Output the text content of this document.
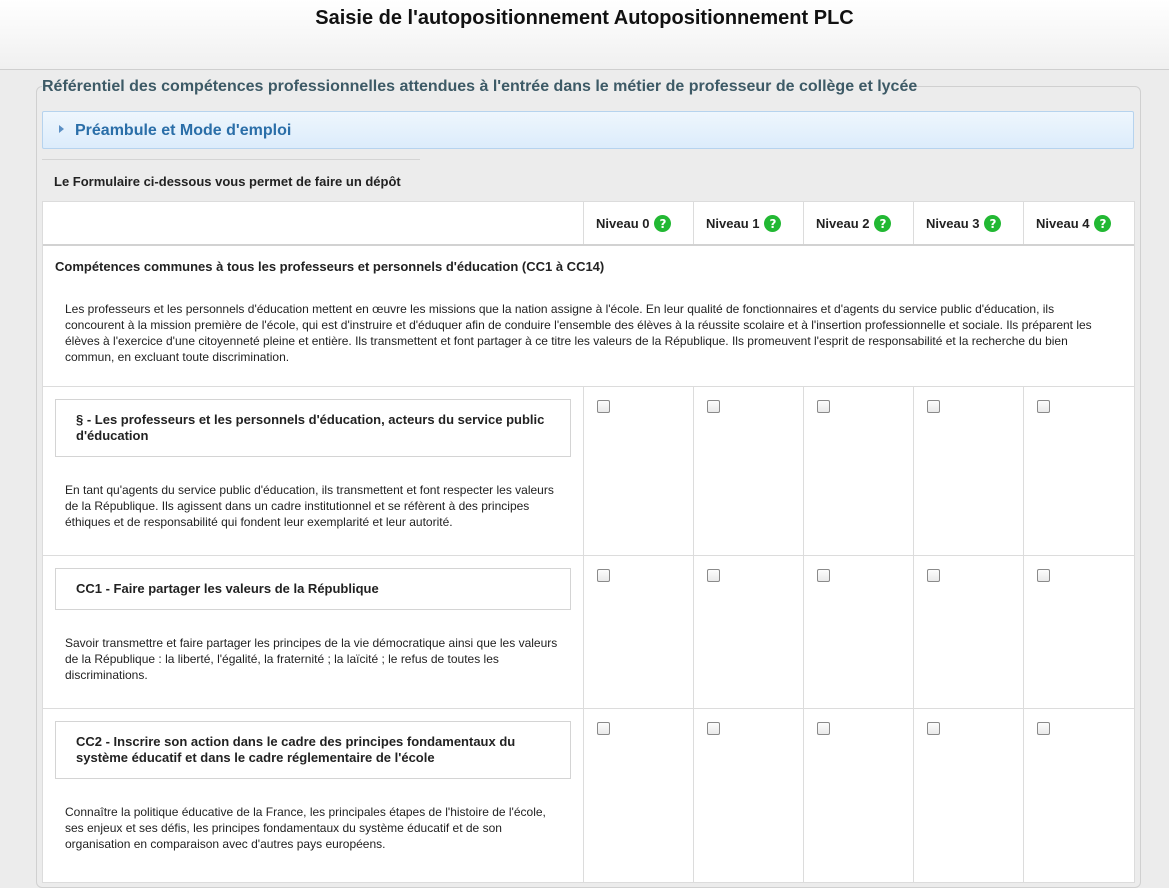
Saisie de l'autopositionnement Autopositionnement PLC
Référentiel des compétences professionnelles attendues à l'entrée dans le métier de professeur de collège et lycée
Préambule et Mode d'emploi
Le Formulaire ci-dessous vous permet de faire un dépôt
Niveau 0 ?	Niveau 1 ?	Niveau 2 ?	Niveau 3 ?	Niveau 4 ?
Compétences communes à tous les professeurs et personnels d'éducation (CC1 à CC14)
Les professeurs et les personnels d'éducation mettent en œuvre les missions que la nation assigne à l'école. En leur qualité de fonctionnaires et d'agents du service public d'éducation, ils concourent à la mission première de l'école, qui est d'instruire et d'éduquer afin de conduire l'ensemble des élèves à la réussite scolaire et à l'insertion professionnelle et sociale. Ils préparent les élèves à l'exercice d'une citoyenneté pleine et entière. Ils transmettent et font partager à ce titre les valeurs de la République. Ils promeuvent l'esprit de responsabilité et la recherche du bien commun, en excluant toute discrimination.
§ - Les professeurs et les personnels d'éducation, acteurs du service public d'éducation
En tant qu'agents du service public d'éducation, ils transmettent et font respecter les valeurs de la République. Ils agissent dans un cadre institutionnel et se réfèrent à des principes éthiques et de responsabilité qui fondent leur exemplarité et leur autorité.
CC1 - Faire partager les valeurs de la République
Savoir transmettre et faire partager les principes de la vie démocratique ainsi que les valeurs de la République : la liberté, l'égalité, la fraternité ; la laïcité ; le refus de toutes les discriminations.
CC2 - Inscrire son action dans le cadre des principes fondamentaux du système éducatif et dans le cadre réglementaire de l'école
Connaître la politique éducative de la France, les principales étapes de l'histoire de l'école, ses enjeux et ses défis, les principes fondamentaux du système éducatif et de son organisation en comparaison avec d'autres pays européens.
